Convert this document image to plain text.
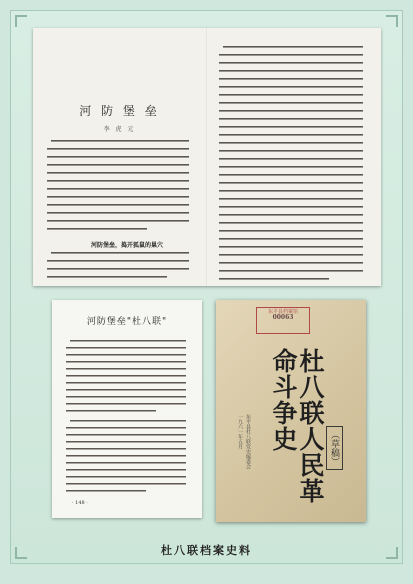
河 防 堡 垒
李 虎 元
河防堡垒，捣开狐鼠的巢穴
河防堡垒"杜八联"
· 148 ·
东平县档案馆
00063
杜八联人民革命斗争史	（草稿）
东平县杜八联党史编委会
一九六一年五月
杜八联档案史料
